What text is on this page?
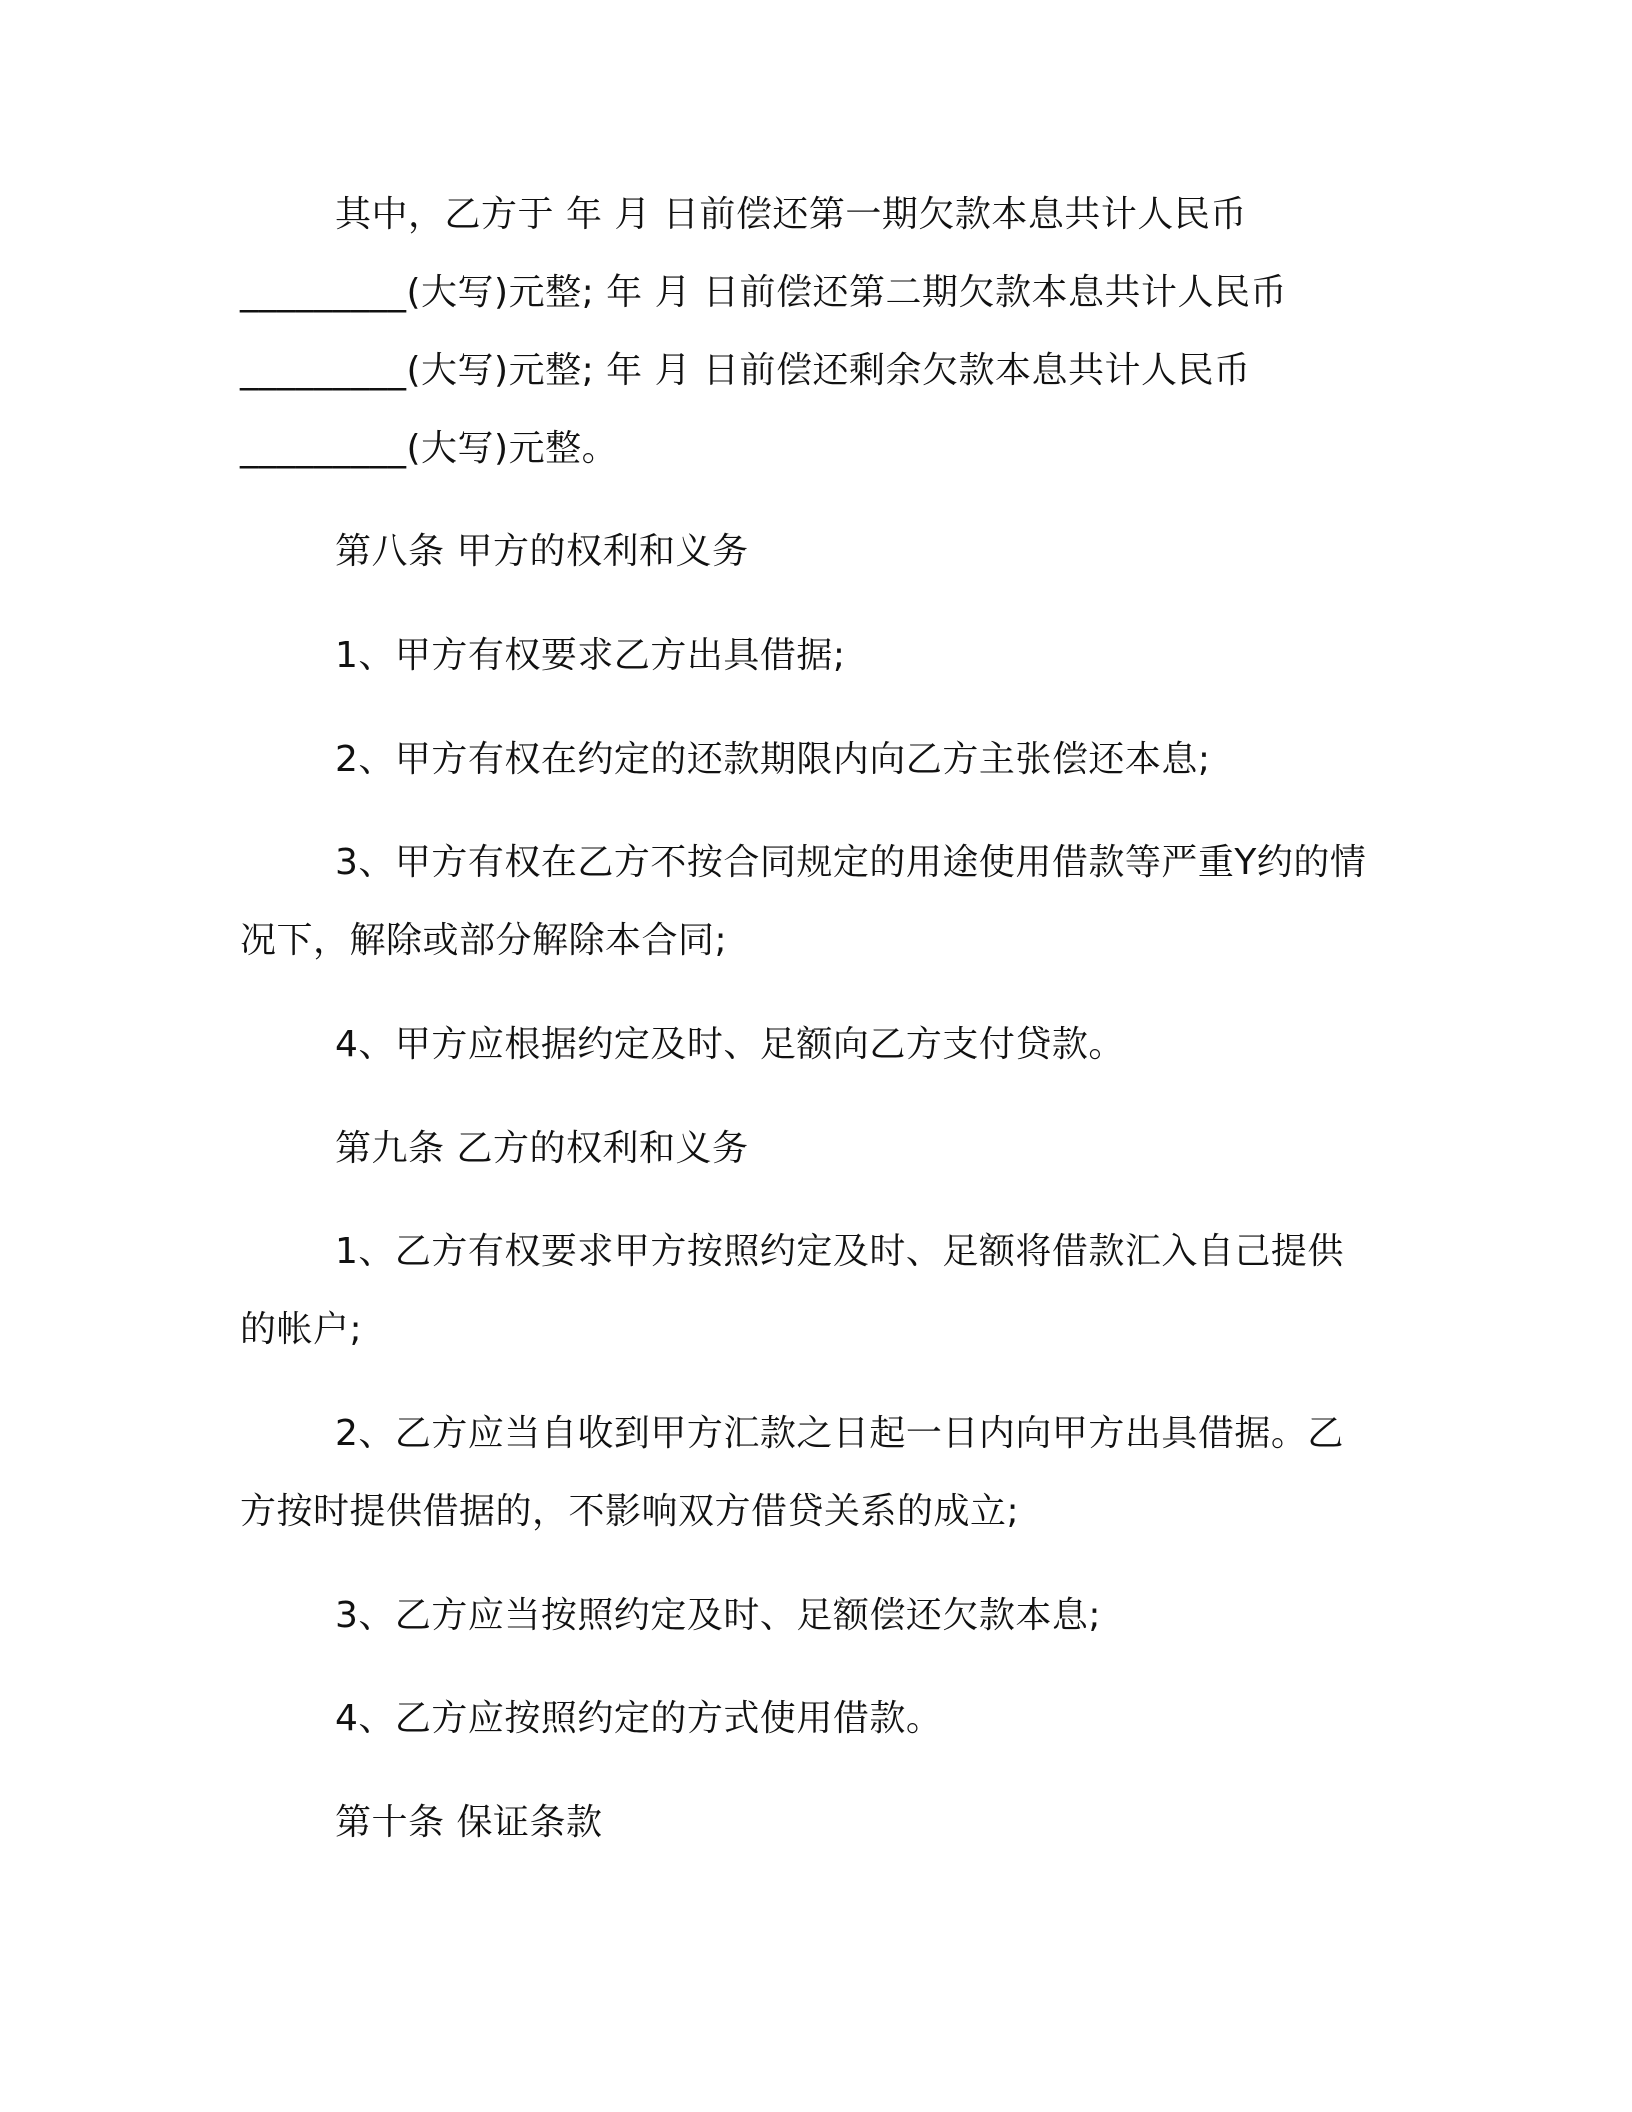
其中，乙方于 年 月 日前偿还第一期欠款本息共计人民币
_________(大写)元整; 年 月 日前偿还第二期欠款本息共计人民币
_________(大写)元整; 年 月 日前偿还剩余欠款本息共计人民币
_________(大写)元整。
第八条 甲方的权利和义务
1、甲方有权要求乙方出具借据;
2、甲方有权在约定的还款期限内向乙方主张偿还本息;
3、甲方有权在乙方不按合同规定的用途使用借款等严重Y约的情
况下，解除或部分解除本合同;
4、甲方应根据约定及时、足额向乙方支付贷款。
第九条 乙方的权利和义务
1、乙方有权要求甲方按照约定及时、足额将借款汇入自己提供
的帐户;
2、乙方应当自收到甲方汇款之日起一日内向甲方出具借据。乙
方按时提供借据的，不影响双方借贷关系的成立;
3、乙方应当按照约定及时、足额偿还欠款本息;
4、乙方应按照约定的方式使用借款。
第十条 保证条款
